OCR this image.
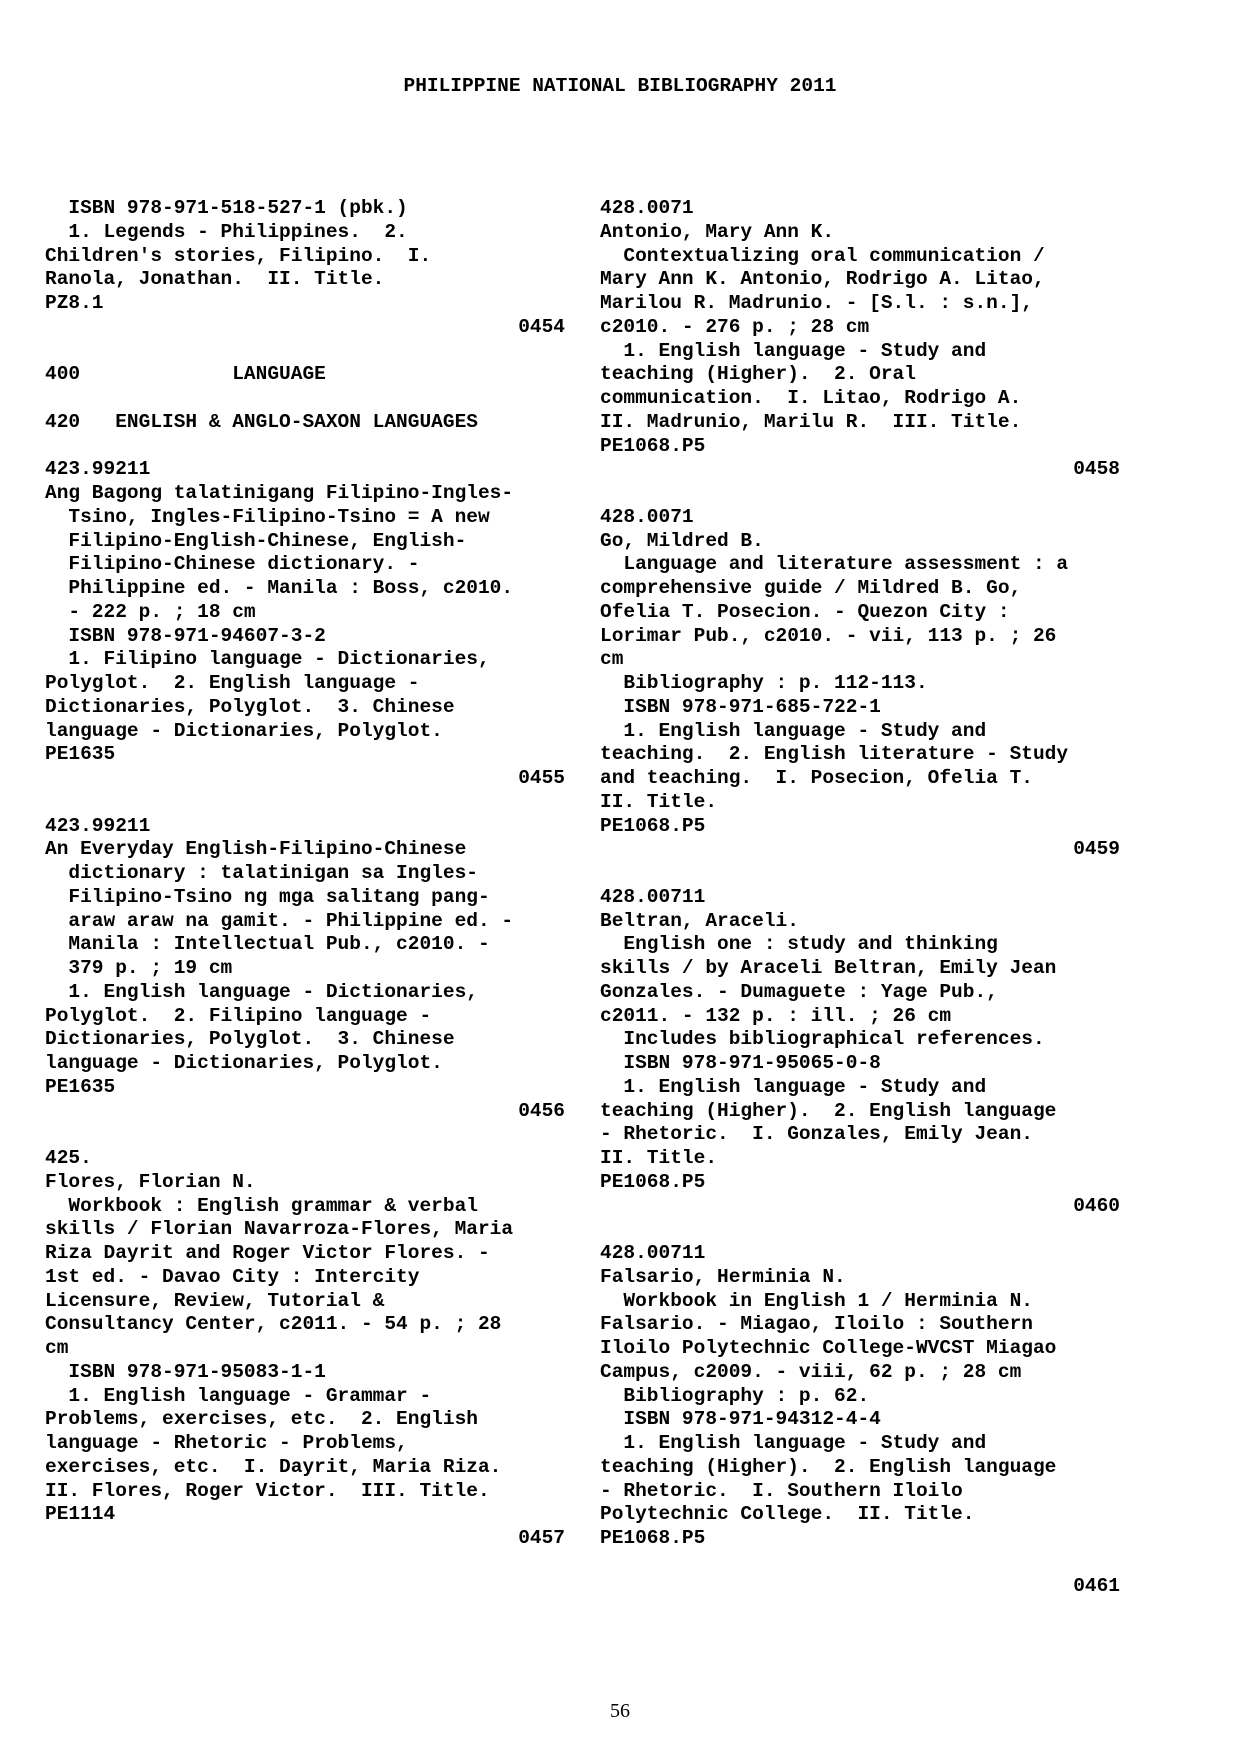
PHILIPPINE NATIONAL BIBLIOGRAPHY 2011
ISBN 978-971-518-527-1 (pbk.)
1. Legends - Philippines.  2.
Children's stories, Filipino.  I.
Ranola, Jonathan.  II. Title.
PZ8.1
0454
400             LANGUAGE
420   ENGLISH & ANGLO-SAXON LANGUAGES
423.99211
Ang Bagong talatinigang Filipino-Ingles-
Tsino, Ingles-Filipino-Tsino = A new
Filipino-English-Chinese, English-
Filipino-Chinese dictionary. -
Philippine ed. - Manila : Boss, c2010.
- 222 p. ; 18 cm
ISBN 978-971-94607-3-2
1. Filipino language - Dictionaries,
Polyglot.  2. English language -
Dictionaries, Polyglot.  3. Chinese
language - Dictionaries, Polyglot.
PE1635
0455
423.99211
An Everyday English-Filipino-Chinese
dictionary : talatinigan sa Ingles-
Filipino-Tsino ng mga salitang pang-
araw araw na gamit. - Philippine ed. -
Manila : Intellectual Pub., c2010. -
379 p. ; 19 cm
1. English language - Dictionaries,
Polyglot.  2. Filipino language -
Dictionaries, Polyglot.  3. Chinese
language - Dictionaries, Polyglot.
PE1635
0456
425.
Flores, Florian N.
Workbook : English grammar & verbal
skills / Florian Navarroza-Flores, Maria
Riza Dayrit and Roger Victor Flores. -
1st ed. - Davao City : Intercity
Licensure, Review, Tutorial &
Consultancy Center, c2011. - 54 p. ; 28
cm
ISBN 978-971-95083-1-1
1. English language - Grammar -
Problems, exercises, etc.  2. English
language - Rhetoric - Problems,
exercises, etc.  I. Dayrit, Maria Riza.
II. Flores, Roger Victor.  III. Title.
PE1114
0457
428.0071
Antonio, Mary Ann K.
Contextualizing oral communication /
Mary Ann K. Antonio, Rodrigo A. Litao,
Marilou R. Madrunio. - [S.l. : s.n.],
c2010. - 276 p. ; 28 cm
1. English language - Study and
teaching (Higher).  2. Oral
communication.  I. Litao, Rodrigo A.
II. Madrunio, Marilu R.  III. Title.
PE1068.P5
0458
428.0071
Go, Mildred B.
Language and literature assessment : a
comprehensive guide / Mildred B. Go,
Ofelia T. Posecion. - Quezon City :
Lorimar Pub., c2010. - vii, 113 p. ; 26
cm
Bibliography : p. 112-113.
ISBN 978-971-685-722-1
1. English language - Study and
teaching.  2. English literature - Study
and teaching.  I. Posecion, Ofelia T.
II. Title.
PE1068.P5
0459
428.00711
Beltran, Araceli.
English one : study and thinking
skills / by Araceli Beltran, Emily Jean
Gonzales. - Dumaguete : Yage Pub.,
c2011. - 132 p. : ill. ; 26 cm
Includes bibliographical references.
ISBN 978-971-95065-0-8
1. English language - Study and
teaching (Higher).  2. English language
- Rhetoric.  I. Gonzales, Emily Jean.
II. Title.
PE1068.P5
0460
428.00711
Falsario, Herminia N.
Workbook in English 1 / Herminia N.
Falsario. - Miagao, Iloilo : Southern
Iloilo Polytechnic College-WVCST Miagao
Campus, c2009. - viii, 62 p. ; 28 cm
Bibliography : p. 62.
ISBN 978-971-94312-4-4
1. English language - Study and
teaching (Higher).  2. English language
- Rhetoric.  I. Southern Iloilo
Polytechnic College.  II. Title.
PE1068.P5
0461
56
